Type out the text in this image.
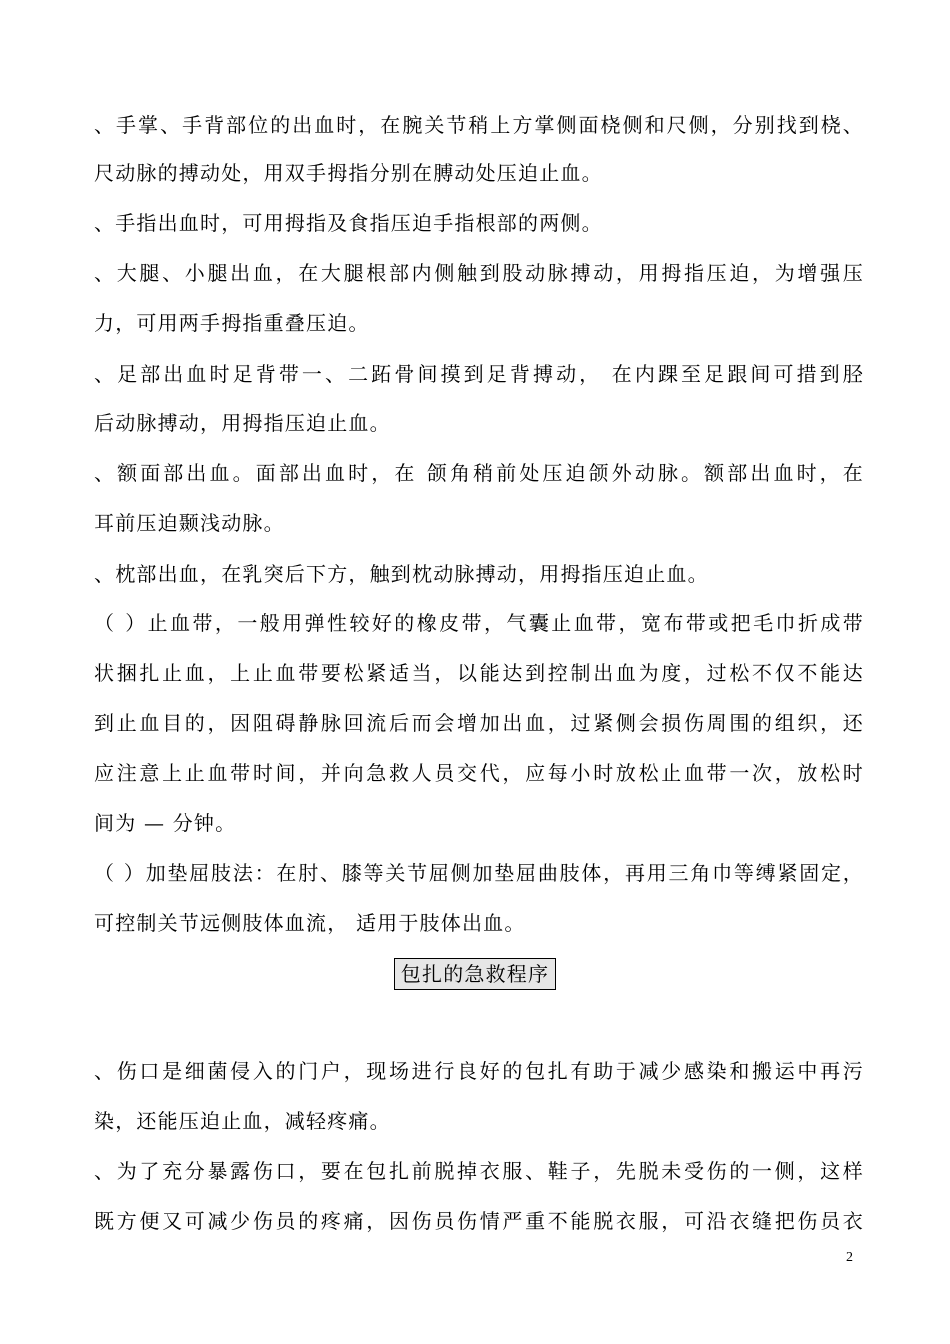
、手掌、手背部位的出血时，在腕关节稍上方掌侧面桡侧和尺侧，分别找到桡、
尺动脉的搏动处，用双手拇指分别在膊动处压迫止血。
、手指出血时，可用拇指及食指压迫手指根部的两侧。
、大腿、小腿出血，在大腿根部内侧触到股动脉搏动，用拇指压迫，为增强压
力，可用两手拇指重叠压迫。
、足部出血时足背带一、二跖骨间摸到足背搏动， 在内踝至足跟间可措到胫
后动脉搏动，用拇指压迫止血。
、额面部出血。面部出血时，在 颌角稍前处压迫颌外动脉。额部出血时，在
耳前压迫颞浅动脉。
、枕部出血，在乳突后下方，触到枕动脉搏动，用拇指压迫止血。
（ ）止血带，一般用弹性较好的橡皮带，气囊止血带，宽布带或把毛巾折成带
状捆扎止血，上止血带要松紧适当，以能达到控制出血为度，过松不仅不能达
到止血目的，因阻碍静脉回流后而会增加出血，过紧侧会损伤周围的组织，还
应注意上止血带时间，并向急救人员交代，应每小时放松止血带一次，放松时
间为 — 分钟。
（ ）加垫屈肢法：在肘、膝等关节屈侧加垫屈曲肢体，再用三角巾等缚紧固定，
可控制关节远侧肢体血流， 适用于肢体出血。
包扎的急救程序
、伤口是细菌侵入的门户，现场进行良好的包扎有助于减少感染和搬运中再污
染，还能压迫止血，减轻疼痛。
、为了充分暴露伤口，要在包扎前脱掉衣服、鞋子，先脱未受伤的一侧，这样
既方便又可减少伤员的疼痛，因伤员伤情严重不能脱衣服，可沿衣缝把伤员衣
2
